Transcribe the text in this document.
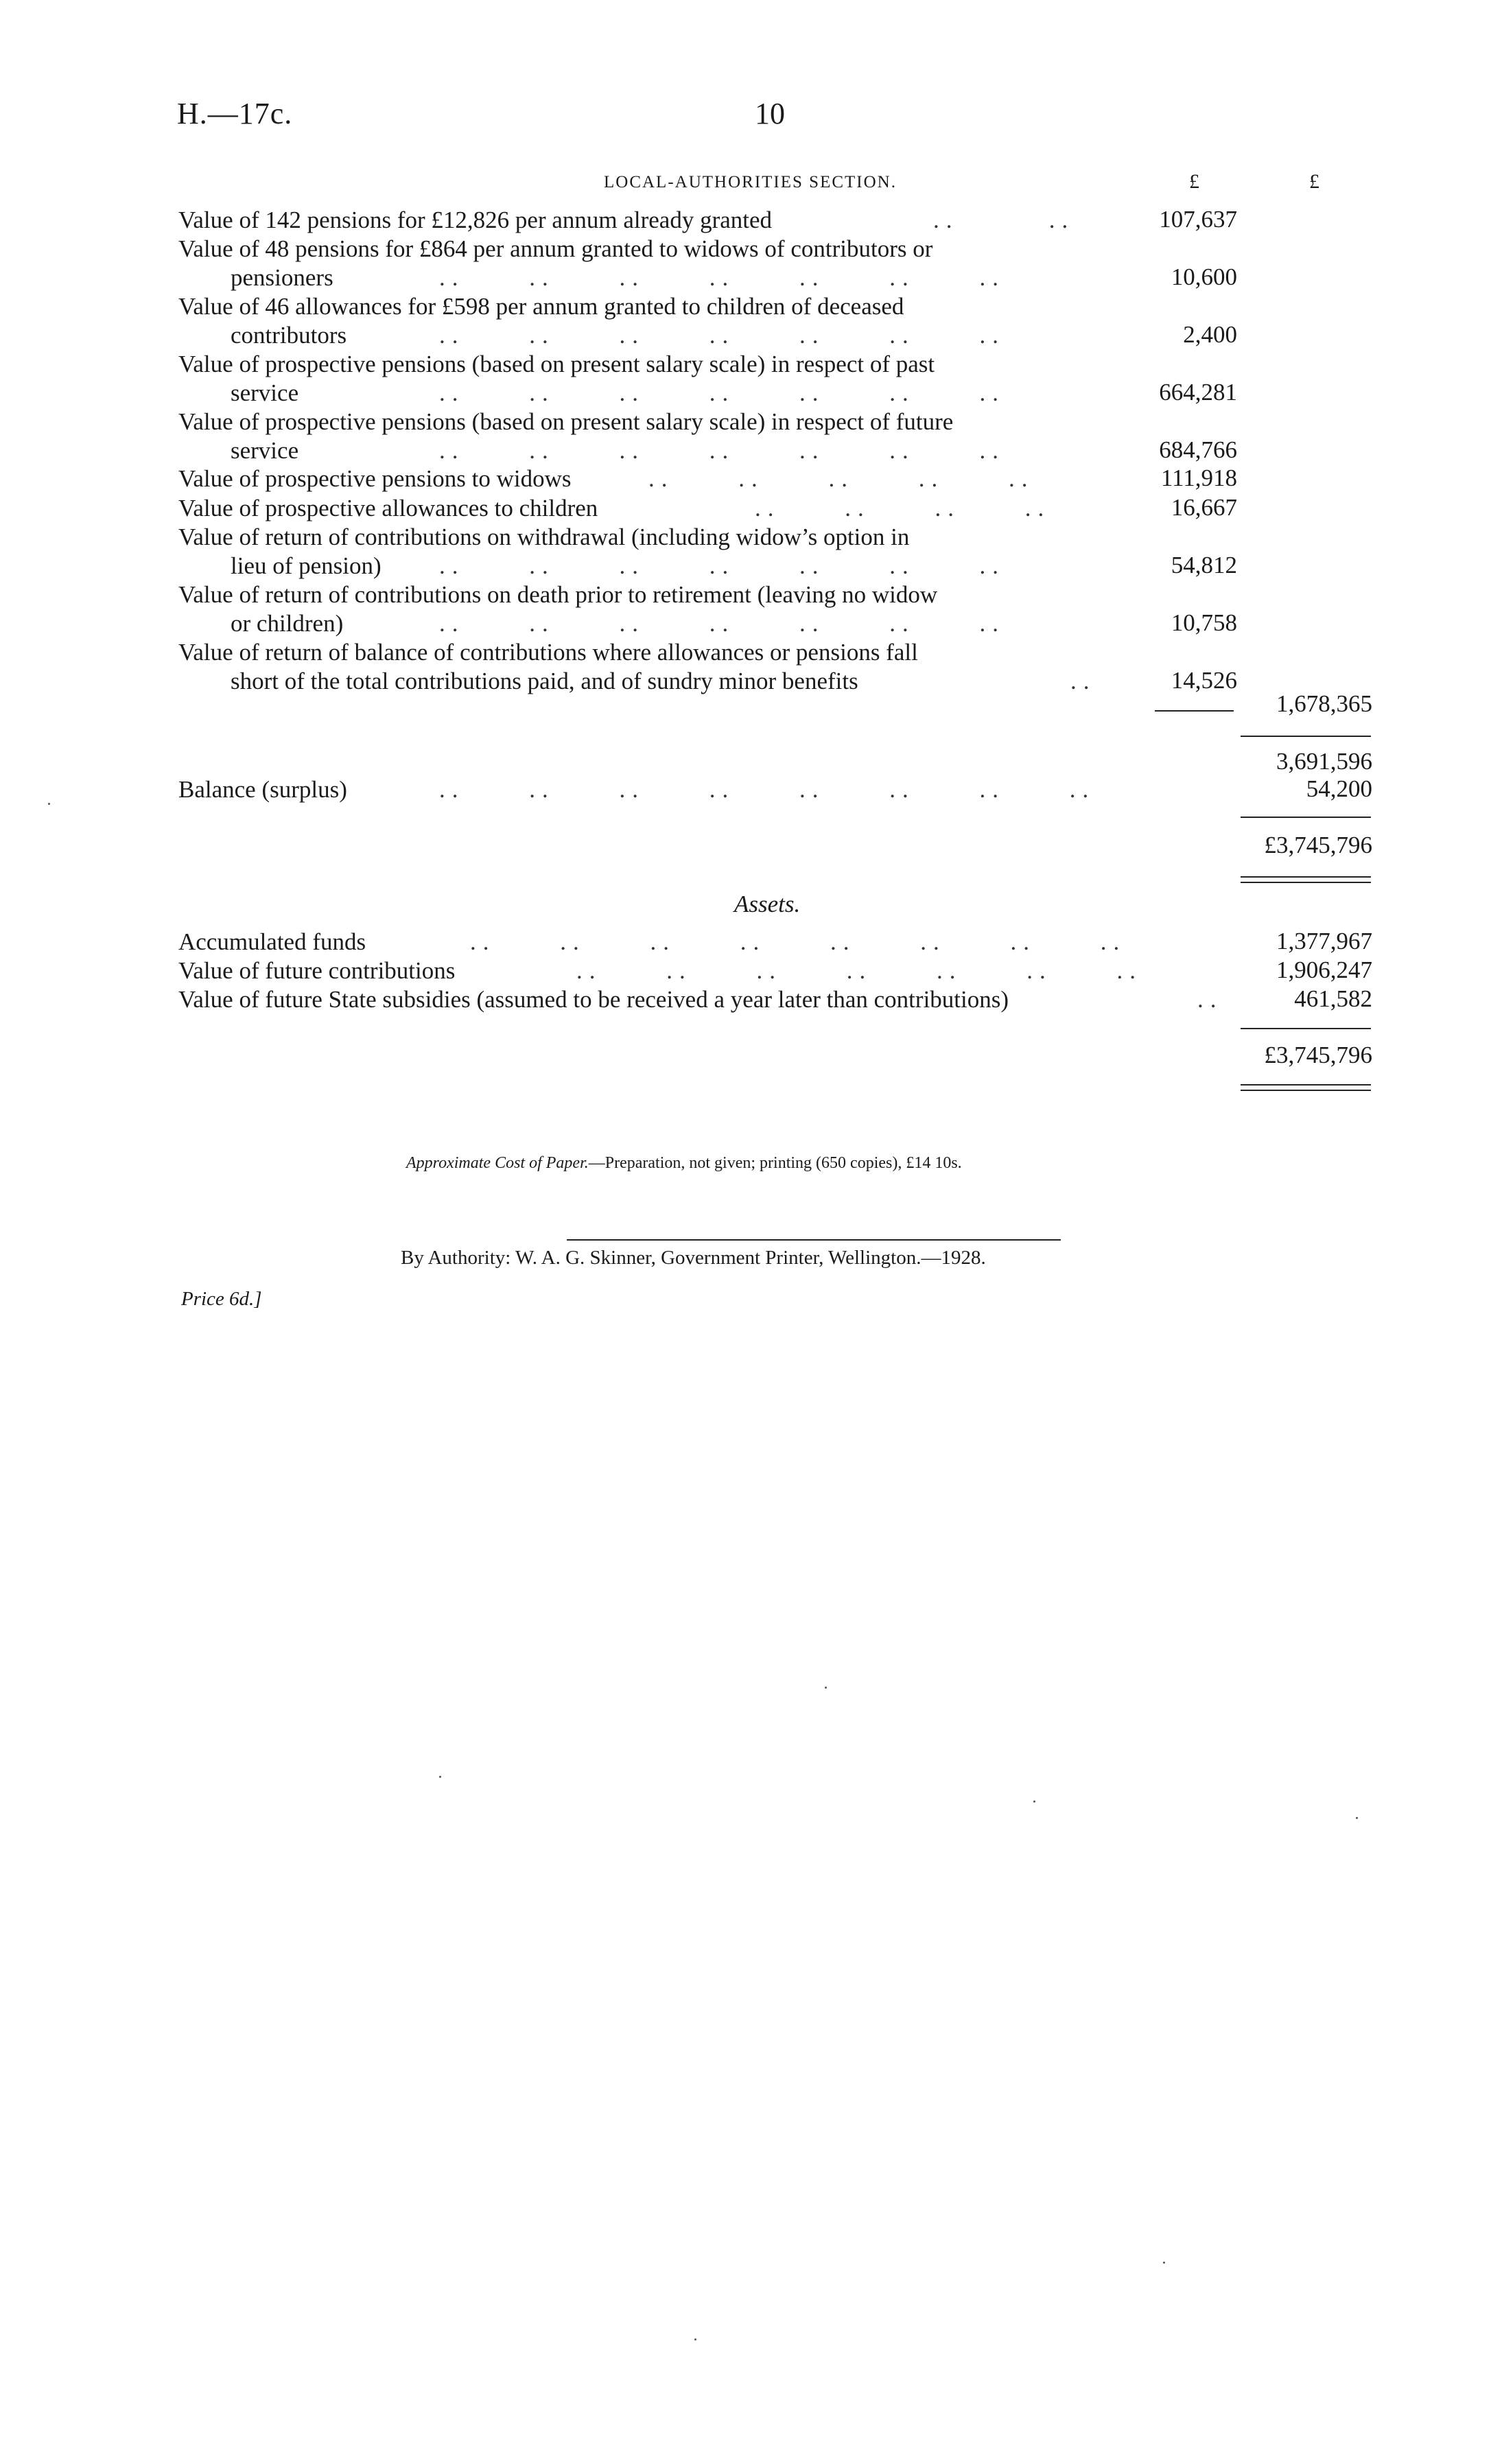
H.—17c.	10
LOCAL-AUTHORITIES SECTION.	£	£
Value of 142 pensions for £12,826 per annum already granted	..       ..	107,637
Value of 48 pensions for £864 per annum granted to widows of contributors or
pensioners	..     ..     ..     ..     ..     ..     ..	10,600
Value of 46 allowances for £598 per annum granted to children of deceased
contributors	..     ..     ..     ..     ..     ..     ..	2,400
Value of prospective pensions (based on present salary scale) in respect of past
service	..     ..     ..     ..     ..     ..     ..	664,281
Value of prospective pensions (based on present salary scale) in respect of future
service	..     ..     ..     ..     ..     ..     ..	684,766
Value of prospective pensions to widows	..     ..     ..     ..     ..	111,918
Value of prospective allowances to children	..     ..     ..     ..	16,667
Value of return of contributions on withdrawal (including widow’s option in
lieu of pension) ..     ..     ..     ..     ..     ..     ..	54,812
Value of return of contributions on death prior to retirement (leaving no widow
or children)	..     ..     ..     ..     ..     ..     ..	10,758
Value of return of balance of contributions where allowances or pensions fall
short of the total contributions paid, and of sundry minor benefits	..	14,526
1,678,365
3,691,596
Balance (surplus)	..     ..     ..     ..     ..     ..     ..     ..	54,200
£3,745,796
Assets.
Accumulated funds	..     ..     ..     ..     ..     ..     ..     ..	1,377,967
Value of future contributions	..     ..     ..     ..     ..     ..     ..	1,906,247
Value of future State subsidies (assumed to be received a year later than contributions)	..	461,582
£3,745,796
Approximate Cost of Paper.—Preparation, not given; printing (650 copies), £14 10s.
By Authority: W. A. G. Skinner, Government Printer, Wellington.—1928.
Price 6d.]
